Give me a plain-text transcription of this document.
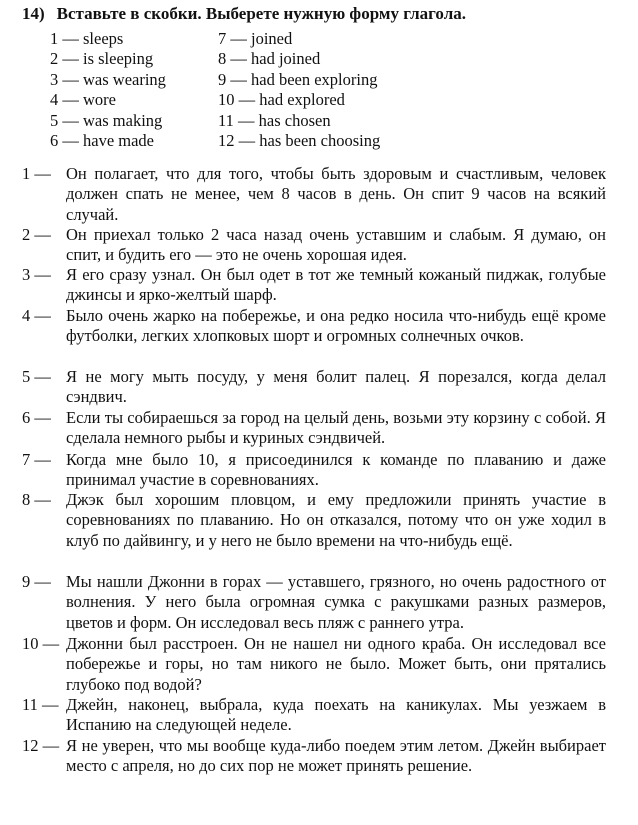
14) Вставьте в скобки. Выберете нужную форму глагола.
1 — sleeps	7 — joined
2 — is sleeping	8 — had joined
3 — was wearing	9 — had been exploring
4 — wore	10 — had explored
5 — was making	11 — has chosen
6 — have made	12 — has been choosing
1 — Он полагает, что для того, чтобы быть здоровым и счастливым, человек должен спать не менее, чем 8 часов в день. Он спит 9 часов на всякий случай.
2 — Он приехал только 2 часа назад очень уставшим и слабым. Я думаю, он спит, и будить его — это не очень хорошая идея.
3 — Я его сразу узнал. Он был одет в тот же темный кожаный пиджак, голубые джинсы и ярко-желтый шарф.
4 — Было очень жарко на побережье, и она редко носила что-нибудь ещё кроме футболки, легких хлопковых шорт и огромных солнечных очков.
5 — Я не могу мыть посуду, у меня болит палец. Я порезался, когда делал сэндвич.
6 — Если ты собираешься за город на целый день, возьми эту корзину с собой. Я сделала немного рыбы и куриных сэндвичей.
7 — Когда мне было 10, я присоединился к команде по плаванию и даже принимал участие в соревнованиях.
8 — Джэк был хорошим пловцом, и ему предложили принять участие в соревнованиях по плаванию. Но он отказался, потому что он уже ходил в клуб по дайвингу, и у него не было времени на что-нибудь ещё.
9 — Мы нашли Джонни в горах — уставшего, грязного, но очень радостного от волнения. У него была огромная сумка с ракушками разных размеров, цветов и форм. Он исследовал весь пляж с раннего утра.
10 — Джонни был расстроен. Он не нашел ни одного краба. Он исследовал все побережье и горы, но там никого не было. Может быть, они прятались глубоко под водой?
11 — Джейн, наконец, выбрала, куда поехать на каникулах. Мы уезжаем в Испанию на следующей неделе.
12 — Я не уверен, что мы вообще куда-либо поедем этим летом. Джейн выбирает место с апреля, но до сих пор не может принять решение.
